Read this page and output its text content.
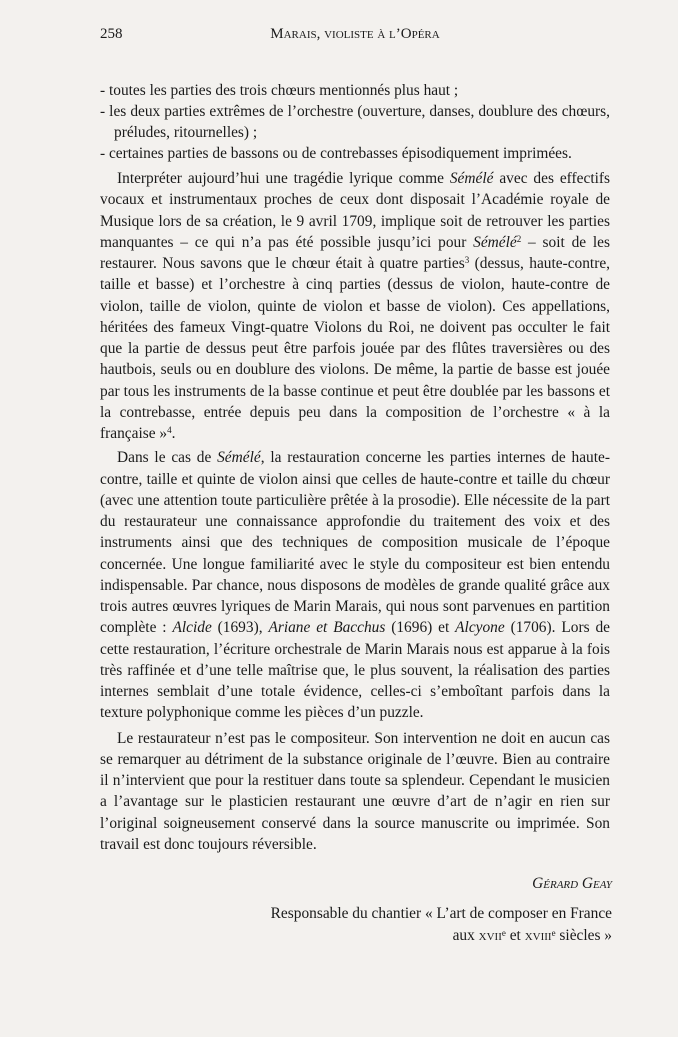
258	Marais, violiste à l’Opéra

- toutes les parties des trois chœurs mentionnés plus haut ;

- les deux parties extrêmes de l’orchestre (ouverture, danses, doublure des chœurs, préludes, ritournelles) ;

- certaines parties de bassons ou de contrebasses épisodiquement imprimées.

Interpréter aujourd’hui une tragédie lyrique comme Sémélé avec des effectifs vocaux et instrumentaux proches de ceux dont disposait l’Académie royale de Musique lors de sa création, le 9 avril 1709, implique soit de retrouver les parties manquantes – ce qui n’a pas été possible jusqu’ici pour Sémélé$^2$ – soit de les restaurer. Nous savons que le chœur était à quatre parties$^3$ (dessus, haute-contre, taille et basse) et l’orchestre à cinq parties (dessus de violon, haute-contre de violon, taille de violon, quinte de violon et basse de violon). Ces appellations, héritées des fameux Vingt-quatre Violons du Roi, ne doivent pas occulter le fait que la partie de dessus peut être parfois jouée par des flûtes traversières ou des hautbois, seuls ou en doublure des violons. De même, la partie de basse est jouée par tous les instruments de la basse continue et peut être doublée par les bassons et la contrebasse, entrée depuis peu dans la composition de l’orchestre « à la française »$^4$.

Dans le cas de Sémélé, la restauration concerne les parties internes de haute-contre, taille et quinte de violon ainsi que celles de haute-contre et taille du chœur (avec une attention toute particulière prêtée à la prosodie). Elle nécessite de la part du restaurateur une connaissance approfondie du traitement des voix et des instruments ainsi que des techniques de composition musicale de l’époque concernée. Une longue familiarité avec le style du compositeur est bien entendu indispensable. Par chance, nous disposons de modèles de grande qualité grâce aux trois autres œuvres lyriques de Marin Marais, qui nous sont parvenues en partition complète : Alcide (1693), Ariane et Bacchus (1696) et Alcyone (1706). Lors de cette restauration, l’écriture orchestrale de Marin Marais nous est apparue à la fois très raffinée et d’une telle maîtrise que, le plus souvent, la réalisation des parties internes semblait d’une totale évidence, celles-ci s’emboîtant parfois dans la texture polyphonique comme les pièces d’un puzzle.

Le restaurateur n’est pas le compositeur. Son intervention ne doit en aucun cas se remarquer au détriment de la substance originale de l’œuvre. Bien au contraire il n’intervient que pour la restituer dans toute sa splendeur. Cependant le musicien a l’avantage sur le plasticien restaurant une œuvre d’art de n’agir en rien sur l’original soigneusement conservé dans la source manuscrite ou imprimée. Son travail est donc toujours réversible.

Gérard Geay
Responsable du chantier « L’art de composer en France
aux xvii$^e$ et xviii$^e$ siècles »
